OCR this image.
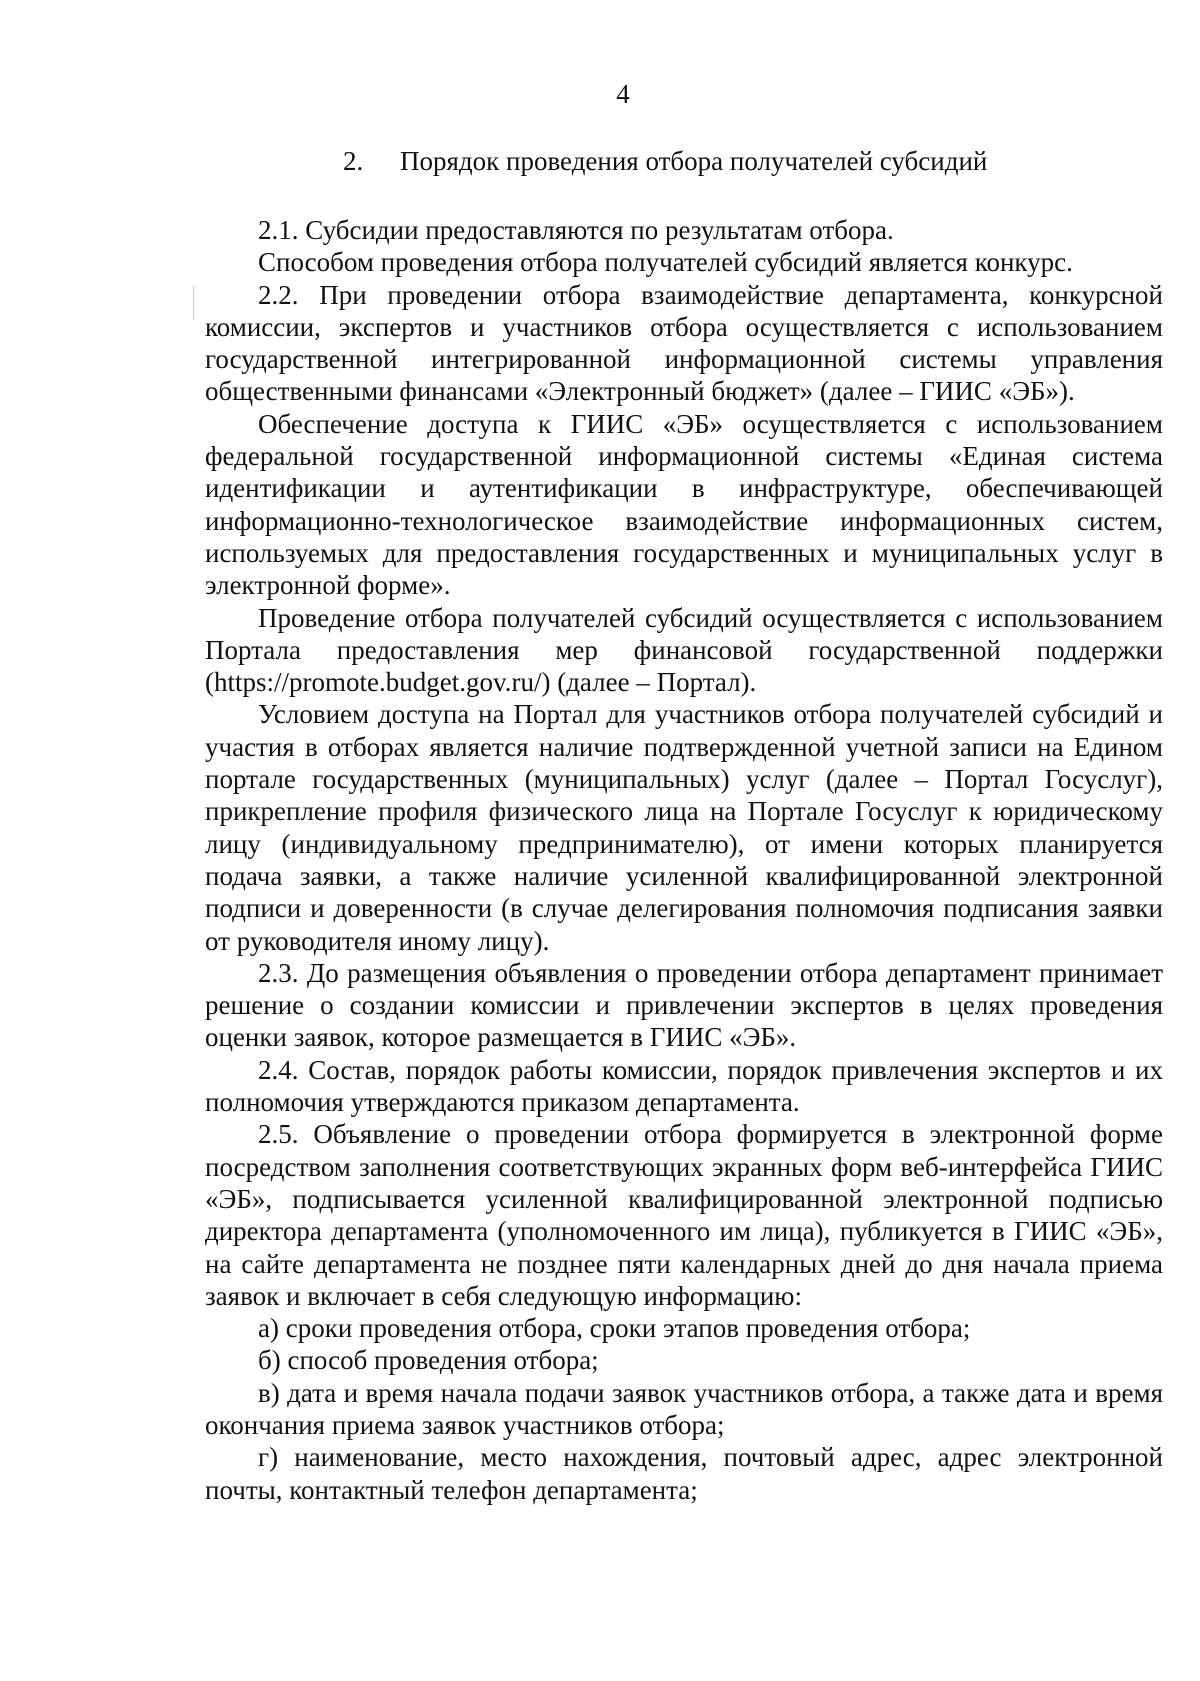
4
2. Порядок проведения отбора получателей субсидий

2.1. Субсидии предоставляются по результатам отбора.

Способом проведения отбора получателей субсидий является конкурс.

2.2. При проведении отбора взаимодействие департамента, конкурсной комиссии, экспертов и участников отбора осуществляется с использованием государственной интегрированной информационной системы управления общественными финансами «Электронный бюджет» (далее – ГИИС «ЭБ»).

Обеспечение доступа к ГИИС «ЭБ» осуществляется с использованием федеральной государственной информационной системы «Единая система идентификации и аутентификации в инфраструктуре, обеспечивающей информационно-технологическое взаимодействие информационных систем, используемых для предоставления государственных и муниципальных услуг в электронной форме».

Проведение отбора получателей субсидий осуществляется с использованием Портала предоставления мер финансовой государственной поддержки (https://promote.budget.gov.ru/) (далее – Портал).

Условием доступа на Портал для участников отбора получателей субсидий и участия в отборах является наличие подтвержденной учетной записи на Едином портале государственных (муниципальных) услуг (далее – Портал Госуслуг), прикрепление профиля физического лица на Портале Госуслуг к юридическому лицу (индивидуальному предпринимателю), от имени которых планируется подача заявки, а также наличие усиленной квалифицированной электронной подписи и доверенности (в случае делегирования полномочия подписания заявки от руководителя иному лицу).

2.3. До размещения объявления о проведении отбора департамент принимает решение о создании комиссии и привлечении экспертов в целях проведения оценки заявок, которое размещается в ГИИС «ЭБ».

2.4. Состав, порядок работы комиссии, порядок привлечения экспертов и их полномочия утверждаются приказом департамента.

2.5. Объявление о проведении отбора формируется в электронной форме посредством заполнения соответствующих экранных форм веб-интерфейса ГИИС «ЭБ», подписывается усиленной квалифицированной электронной подписью директора департамента (уполномоченного им лица), публикуется в ГИИС «ЭБ», на сайте департамента не позднее пяти календарных дней до дня начала приема заявок и включает в себя следующую информацию:

а) сроки проведения отбора, сроки этапов проведения отбора;

б) способ проведения отбора;

в) дата и время начала подачи заявок участников отбора, а также дата и время окончания приема заявок участников отбора;

г) наименование, место нахождения, почтовый адрес, адрес электронной почты, контактный телефон департамента;
